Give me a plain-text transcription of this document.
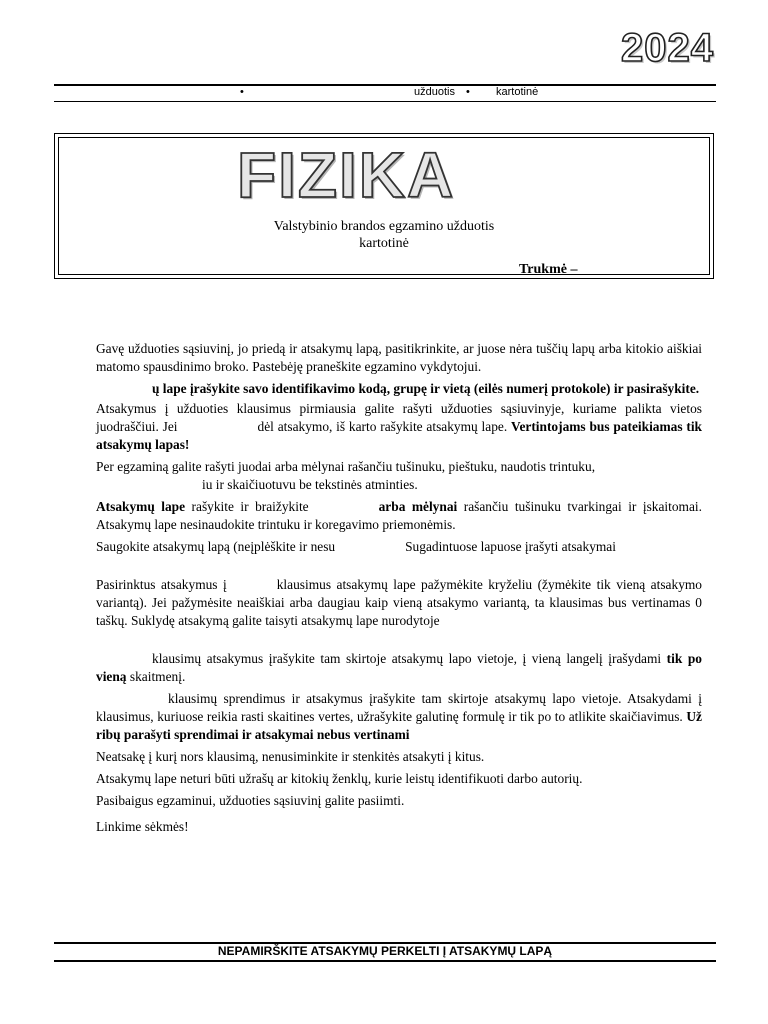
2024
•	užduotis • kartotinė
FIZIKA
Valstybinio brandos egzamino užduotis
kartotinė
Trukmė –

Gavę užduoties sąsiuvinį, jo priedą ir atsakymų lapą, pasitikrinkite, ar juose nėra tuščių lapų arba kitokio aiškiai matomo spausdinimo broko. Pastebėję praneškite egzamino vykdytojui.

ų lape įrašykite savo identifikavimo kodą, grupę ir vietą (eilės numerį protokole) ir pasirašykite.

Atsakymus į užduoties klausimus pirmiausia galite rašyti užduoties sąsiuvinyje, kuriame palikta vietos juodraščiui. Jei	dėl atsakymo, iš karto rašykite atsakymų lape. Vertintojams bus pateikiamas tik atsakymų lapas!

Per egzaminą galite rašyti juodai arba mėlynai rašančiu tušinuku, pieštuku, naudotis trintuku,
iu ir skaičiuotuvu be tekstinės atminties.

Atsakymų lape rašykite ir braižykite	arba mėlynai rašančiu tušinuku tvarkingai ir įskaitomai. Atsakymų lape nesinaudokite trintuku ir koregavimo priemonėmis.

Saugokite atsakymų lapą (neįplėškite ir nesu	Sugadintuose lapuose įrašyti atsakymai

Pasirinktus atsakymus į	klausimus atsakymų lape pažymėkite kryželiu (žymėkite tik vieną atsakymo variantą). Jei pažymėsite neaiškiai arba daugiau kaip vieną atsakymo variantą, ta klausimas bus vertinamas 0 taškų. Suklydę atsakymą galite taisyti atsakymų lape nurodytoje

klausimų atsakymus įrašykite tam skirtoje atsakymų lapo vietoje, į vieną langelį įrašydami tik po vieną skaitmenį.

klausimų sprendimus ir atsakymus įrašykite tam skirtoje atsakymų lapo vietoje. Atsakydami į klausimus, kuriuose reikia rasti skaitines vertes, užrašykite galutinę formulę ir tik po to atlikite skaičiavimus. Už ribų parašyti sprendimai ir atsakymai nebus vertinami

Neatsakę į kurį nors klausimą, nenusiminkite ir stenkitės atsakyti į kitus.

Atsakymų lape neturi būti užrašų ar kitokių ženklų, kurie leistų identifikuoti darbo autorių.

Pasibaigus egzaminui, užduoties sąsiuvinį galite pasiimti.

Linkime sėkmės!

NEPAMIRŠKITE ATSAKYMŲ PERKELTI Į ATSAKYMŲ LAPĄ
